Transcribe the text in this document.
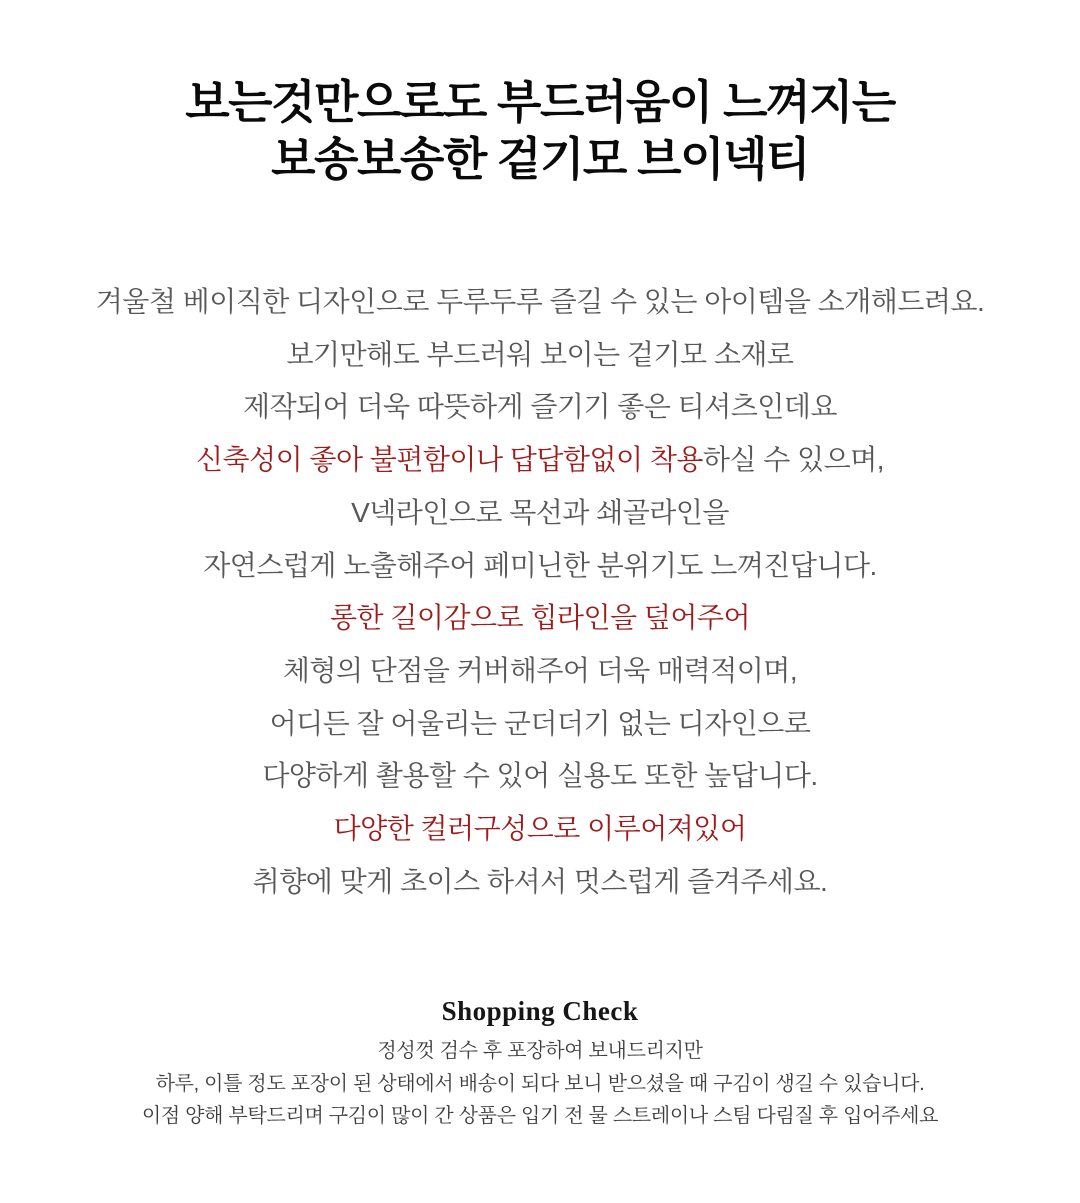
보는것만으로도 부드러움이 느껴지는
보송보송한 겉기모 브이넥티
겨울철 베이직한 디자인으로 두루두루 즐길 수 있는 아이템을 소개해드려요.
보기만해도 부드러워 보이는 겉기모 소재로
제작되어 더욱 따뜻하게 즐기기 좋은 티셔츠인데요
신축성이 좋아 불편함이나 답답함없이 착용하실 수 있으며,
V넥라인으로 목선과 쇄골라인을
자연스럽게 노출해주어 페미닌한 분위기도 느껴진답니다.
롱한 길이감으로 힙라인을 덮어주어
체형의 단점을 커버해주어 더욱 매력적이며,
어디든 잘 어울리는 군더더기 없는 디자인으로
다양하게 촬용할 수 있어 실용도 또한 높답니다.
다양한 컬러구성으로 이루어져있어
취향에 맞게 초이스 하셔서 멋스럽게 즐겨주세요.
Shopping Check
정성껏 검수 후 포장하여 보내드리지만
하루, 이틀 정도 포장이 된 상태에서 배송이 되다 보니 받으셨을 때 구김이 생길 수 있습니다.
이점 양해 부탁드리며 구김이 많이 간 상품은 입기 전 물 스트레이나 스팀 다림질 후 입어주세요
